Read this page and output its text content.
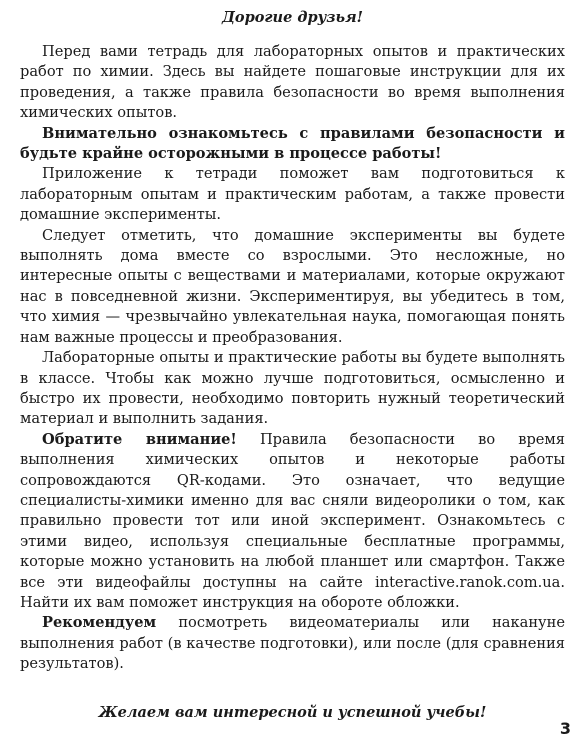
Дорогие друзья!

Перед вами тетрадь для лабораторных опытов и практических работ по химии. Здесь вы найдете пошаговые инструкции для их проведения, а также правила безопасности во время выполнения химических опытов.

Внимательно ознакомьтесь с правилами безопасности и будьте крайне осторожными в процессе работы!

Приложение к тетради поможет вам подготовиться к лабораторным опытам и практическим работам, а также провести домашние эксперименты.

Следует отметить, что домашние эксперименты вы будете выполнять дома вместе со взрослыми. Это несложные, но интересные опыты с веществами и материалами, которые окружают нас в повседневной жизни. Экспериментируя, вы убедитесь в том, что химия — чрезвычайно увлекательная наука, помогающая понять нам важные процессы и преобразования.

Лабораторные опыты и практические работы вы будете выполнять в классе. Чтобы как можно лучше подготовиться, осмысленно и быстро их провести, необходимо повторить нужный теоретический материал и выполнить задания.

Обратите внимание! Правила безопасности во время выполнения химических опытов и некоторые работы сопровождаются QR-кодами. Это означает, что ведущие специалисты-химики именно для вас сняли видеоролики о том, как правильно провести тот или иной эксперимент. Ознакомьтесь с этими видео, используя специальные бесплатные программы, которые можно установить на любой планшет или смартфон. Также все эти видеофайлы доступны на сайте interactive.ranok.com.ua. Найти их вам поможет инструкция на обороте обложки.

Рекомендуем посмотреть видеоматериалы или накануне выполнения работ (в качестве подготовки), или после (для сравнения результатов).

Желаем вам интересной и успешной учебы!
3
